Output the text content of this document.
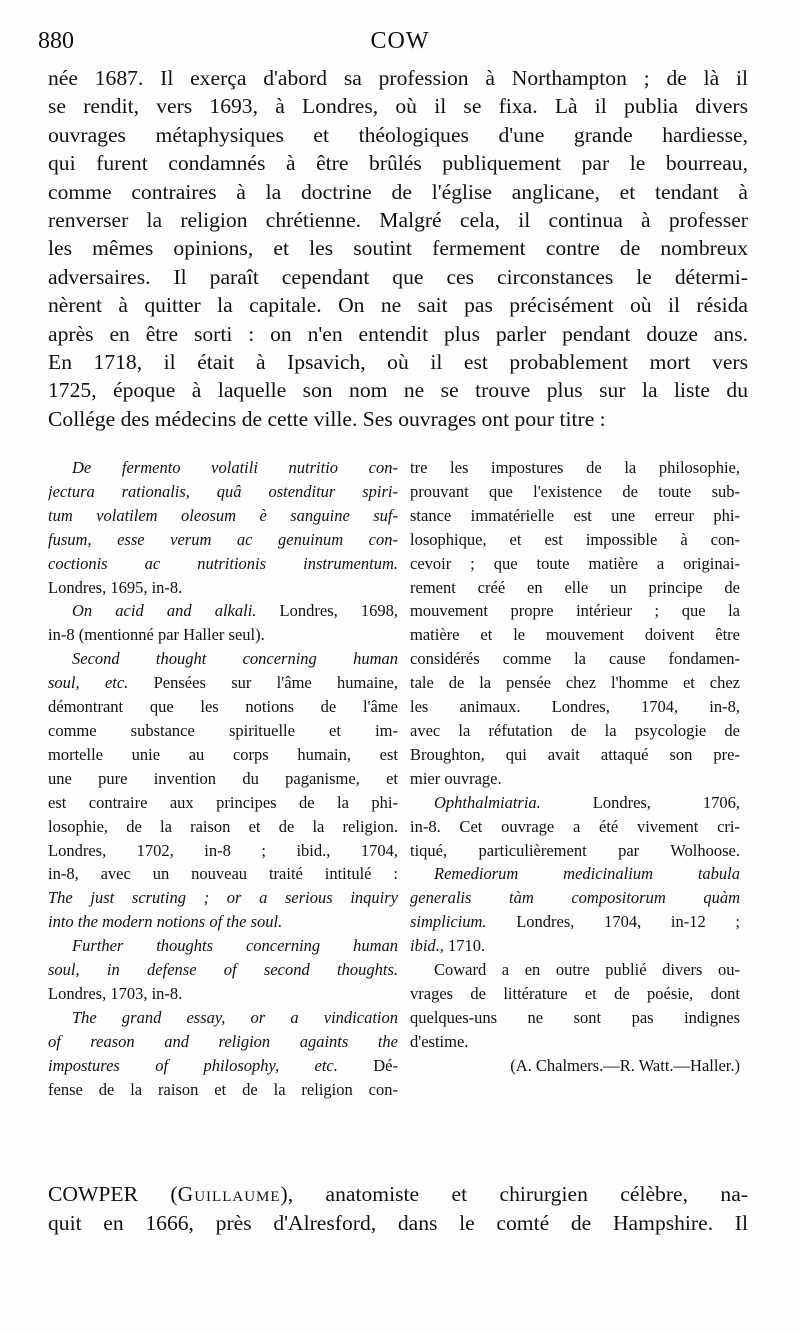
880	COW
née 1687. Il exerça d'abord sa profession à Northampton ; de là il
se rendit, vers 1693, à Londres, où il se fixa. Là il publia divers
ouvrages métaphysiques et théologiques d'une grande hardiesse,
qui furent condamnés à être brûlés publiquement par le bourreau,
comme contraires à la doctrine de l'église anglicane, et tendant à
renverser la religion chrétienne. Malgré cela, il continua à professer
les mêmes opinions, et les soutint fermement contre de nombreux
adversaires. Il paraît cependant que ces circonstances le détermi-
nèrent à quitter la capitale. On ne sait pas précisément où il résida
après en être sorti : on n'en entendit plus parler pendant douze ans.
En 1718, il était à Ipsavich, où il est probablement mort vers
1725, époque à laquelle son nom ne se trouve plus sur la liste du
Collége des médecins de cette ville. Ses ouvrages ont pour titre :
De fermento volatili nutritio con-
jectura rationalis, quâ ostenditur spiri-
tum volatilem oleosum è sanguine suf-
fusum, esse verum ac genuinum con-
coctionis ac nutritionis instrumentum.
Londres, 1695, in-8.
On acid and alkali. Londres, 1698,
in-8 (mentionné par Haller seul).
Second thought concerning human
soul, etc. Pensées sur l'âme humaine,
démontrant que les notions de l'âme
comme substance spirituelle et im-
mortelle unie au corps humain, est
une pure invention du paganisme, et
est contraire aux principes de la phi-
losophie, de la raison et de la religion.
Londres, 1702, in-8 ; ibid., 1704,
in-8, avec un nouveau traité intitulé :
The just scruting ; or a serious inquiry
into the modern notions of the soul.
Further thoughts concerning human
soul, in defense of second thoughts.
Londres, 1703, in-8.
The grand essay, or a vindication
of reason and religion againts the
impostures of philosophy, etc. Dé-
fense de la raison et de la religion con-
tre les impostures de la philosophie,
prouvant que l'existence de toute sub-
stance immatérielle est une erreur phi-
losophique, et est impossible à con-
cevoir ; que toute matière a originai-
rement créé en elle un principe de
mouvement propre intérieur ; que la
matière et le mouvement doivent être
considérés comme la cause fondamen-
tale de la pensée chez l'homme et chez
les animaux. Londres, 1704, in-8,
avec la réfutation de la psycologie de
Broughton, qui avait attaqué son pre-
mier ouvrage.
Ophthalmiatria. Londres, 1706,
in-8. Cet ouvrage a été vivement cri-
tiqué, particulièrement par Wolhoose.
Remediorum medicinalium tabula
generalis tàm compositorum quàm
simplicium. Londres, 1704, in-12 ;
ibid., 1710.
Coward a en outre publié divers ou-
vrages de littérature et de poésie, dont
quelques-uns ne sont pas indignes
d'estime.
(A. Chalmers.—R. Watt.—Haller.)
COWPER (Guillaume), anatomiste et chirurgien célèbre, na-
quit en 1666, près d'Alresford, dans le comté de Hampshire. Il
